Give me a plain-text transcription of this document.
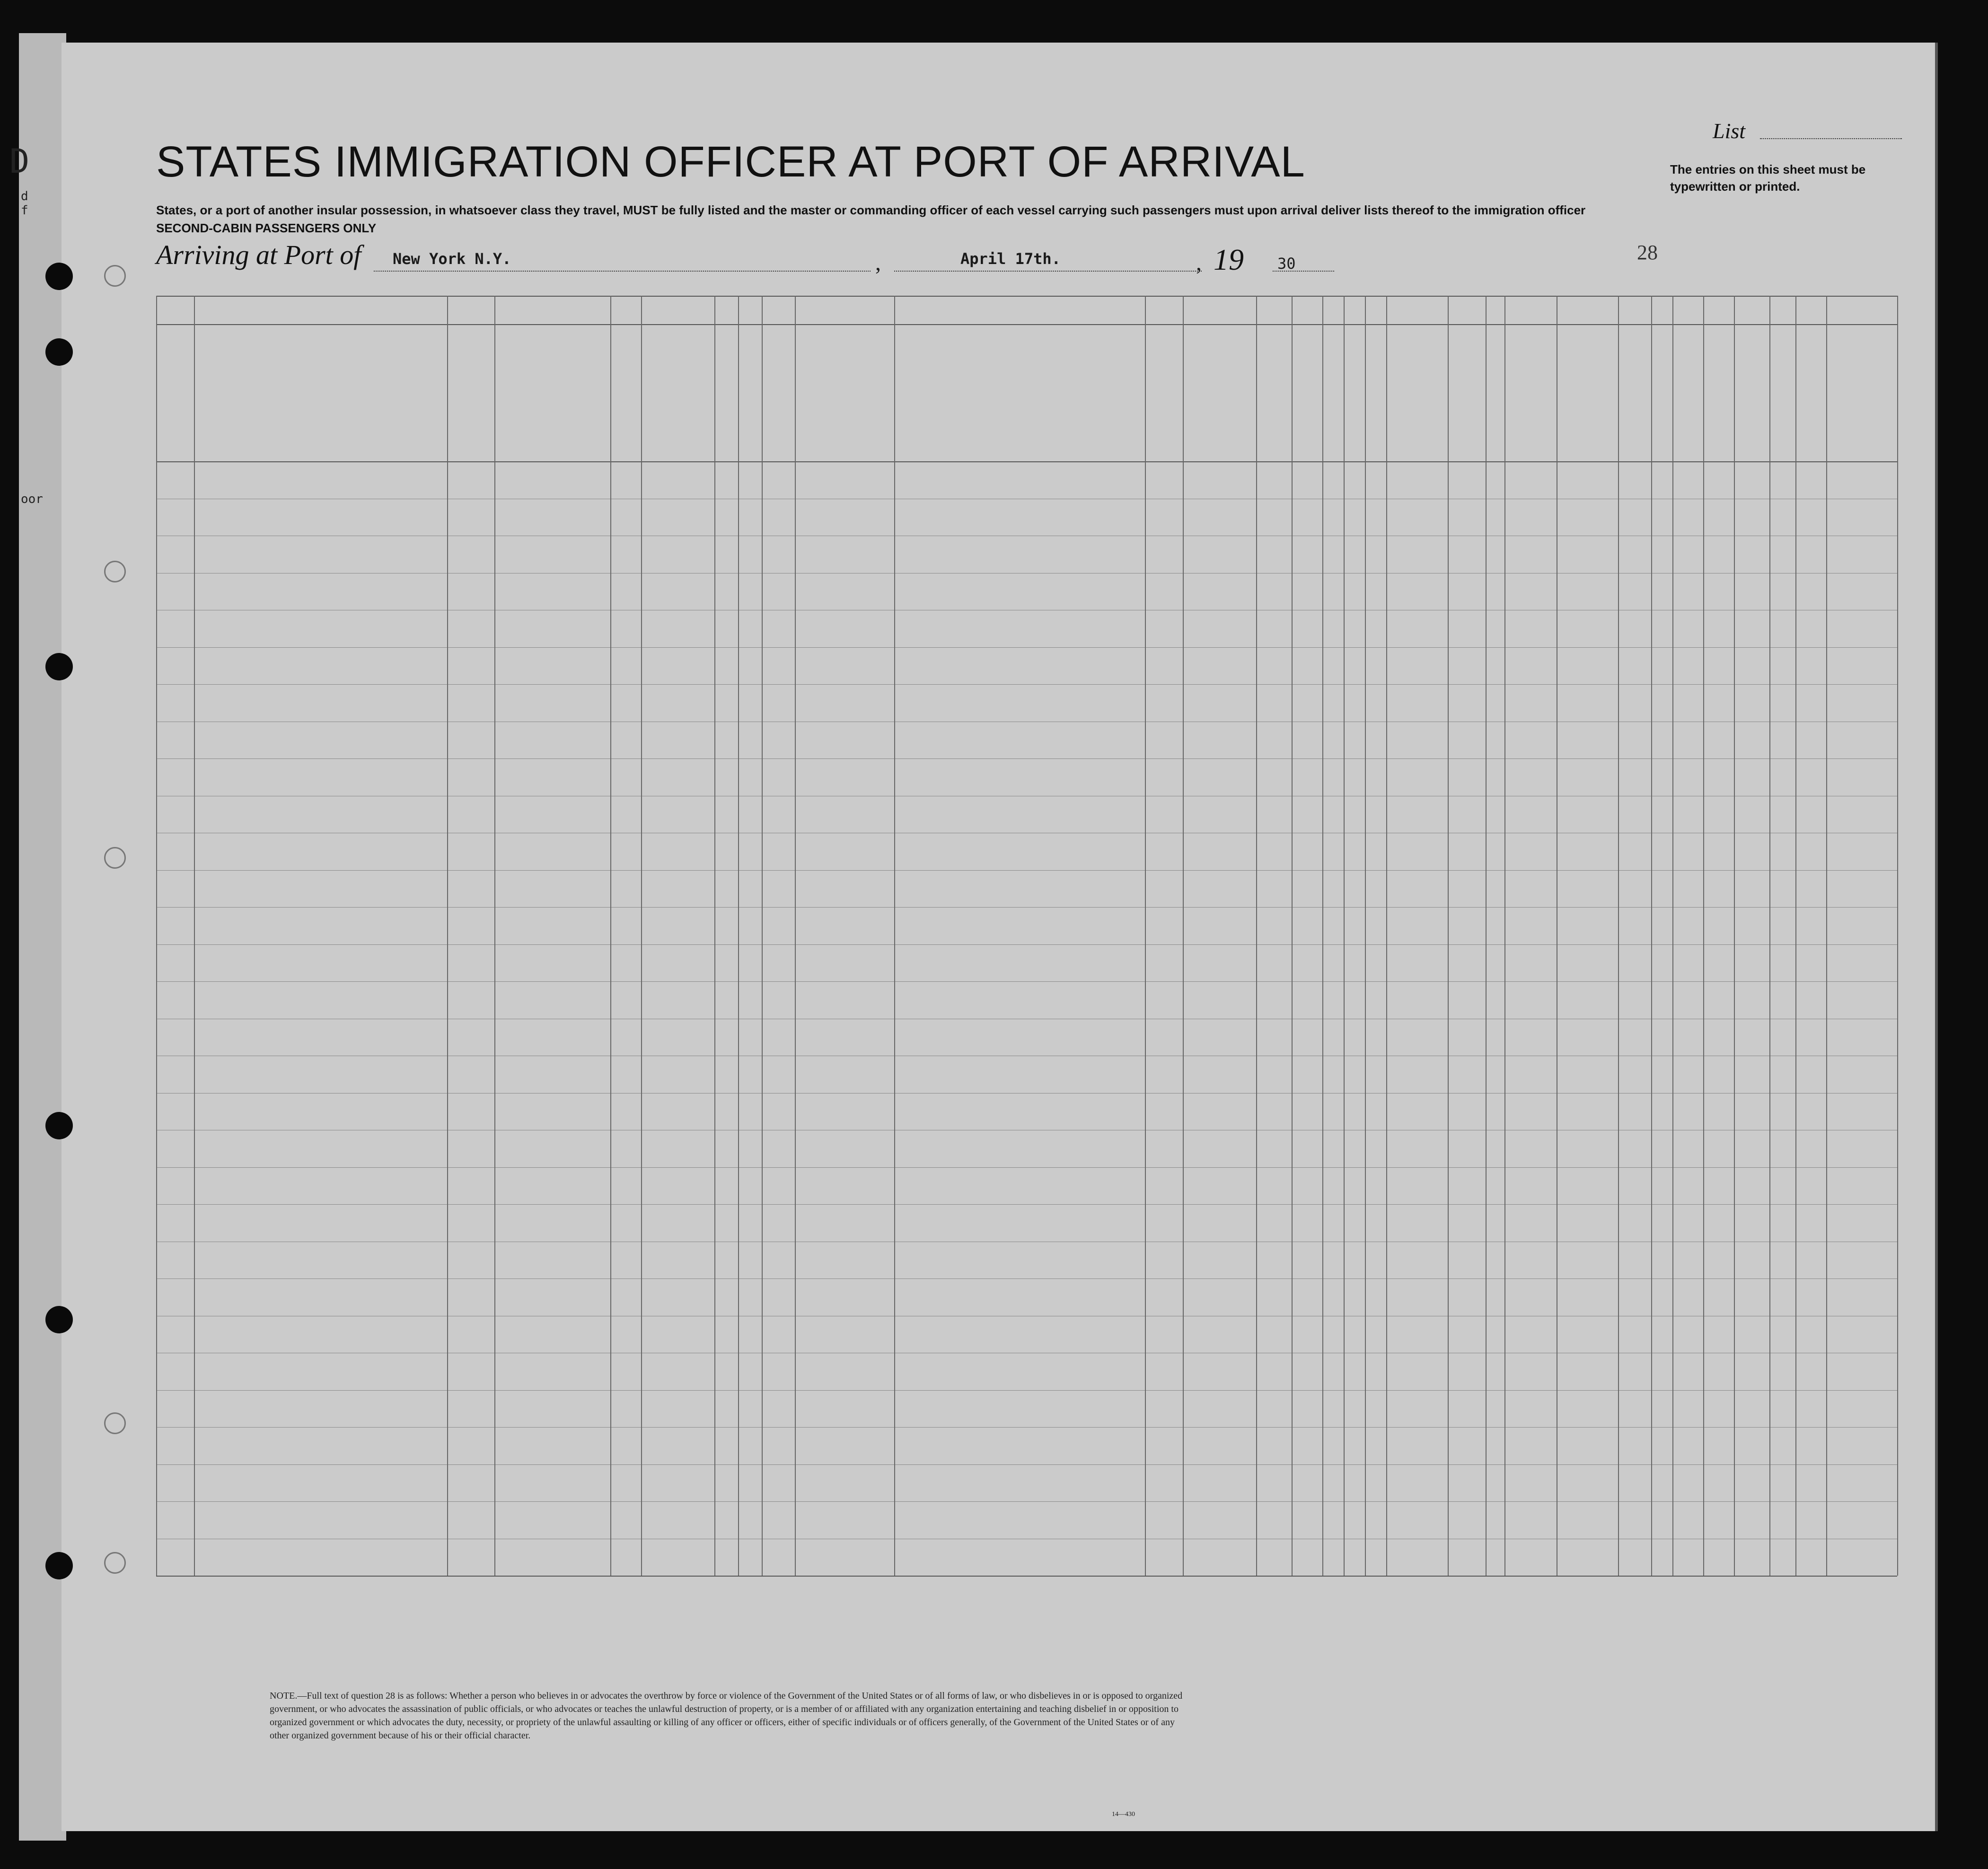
D
d
f
oor
STATES IMMIGRATION OFFICER AT PORT OF ARRIVAL
List
The entries on this sheet must be typewritten or printed.
States, or a port of another insular possession, in whatsoever class they travel, MUST be fully listed and the master or commanding officer of each vessel carrying such passengers must upon arrival deliver lists thereof to the immigration officer
SECOND-CABIN PASSENGERS ONLY
Arriving at Port of New York N.Y.	,	April 17th.	, 19 30	28
NOTE.—Full text of question 28 is as follows: Whether a person who believes in or advocates the overthrow by force or violence of the Government of the United States or of all forms of law, or who disbelieves in or is opposed to organized government, or who advocates the assassination of public officials, or who advocates or teaches the unlawful destruction of property, or is a member of or affiliated with any organization entertaining and teaching disbelief in or opposition to organized government or which advocates the duty, necessity, or propriety of the unlawful assaulting or killing of any officer or officers, either of specific individuals or of officers generally, of the Government of the United States or of any other organized government because of his or their official character.
14—430
